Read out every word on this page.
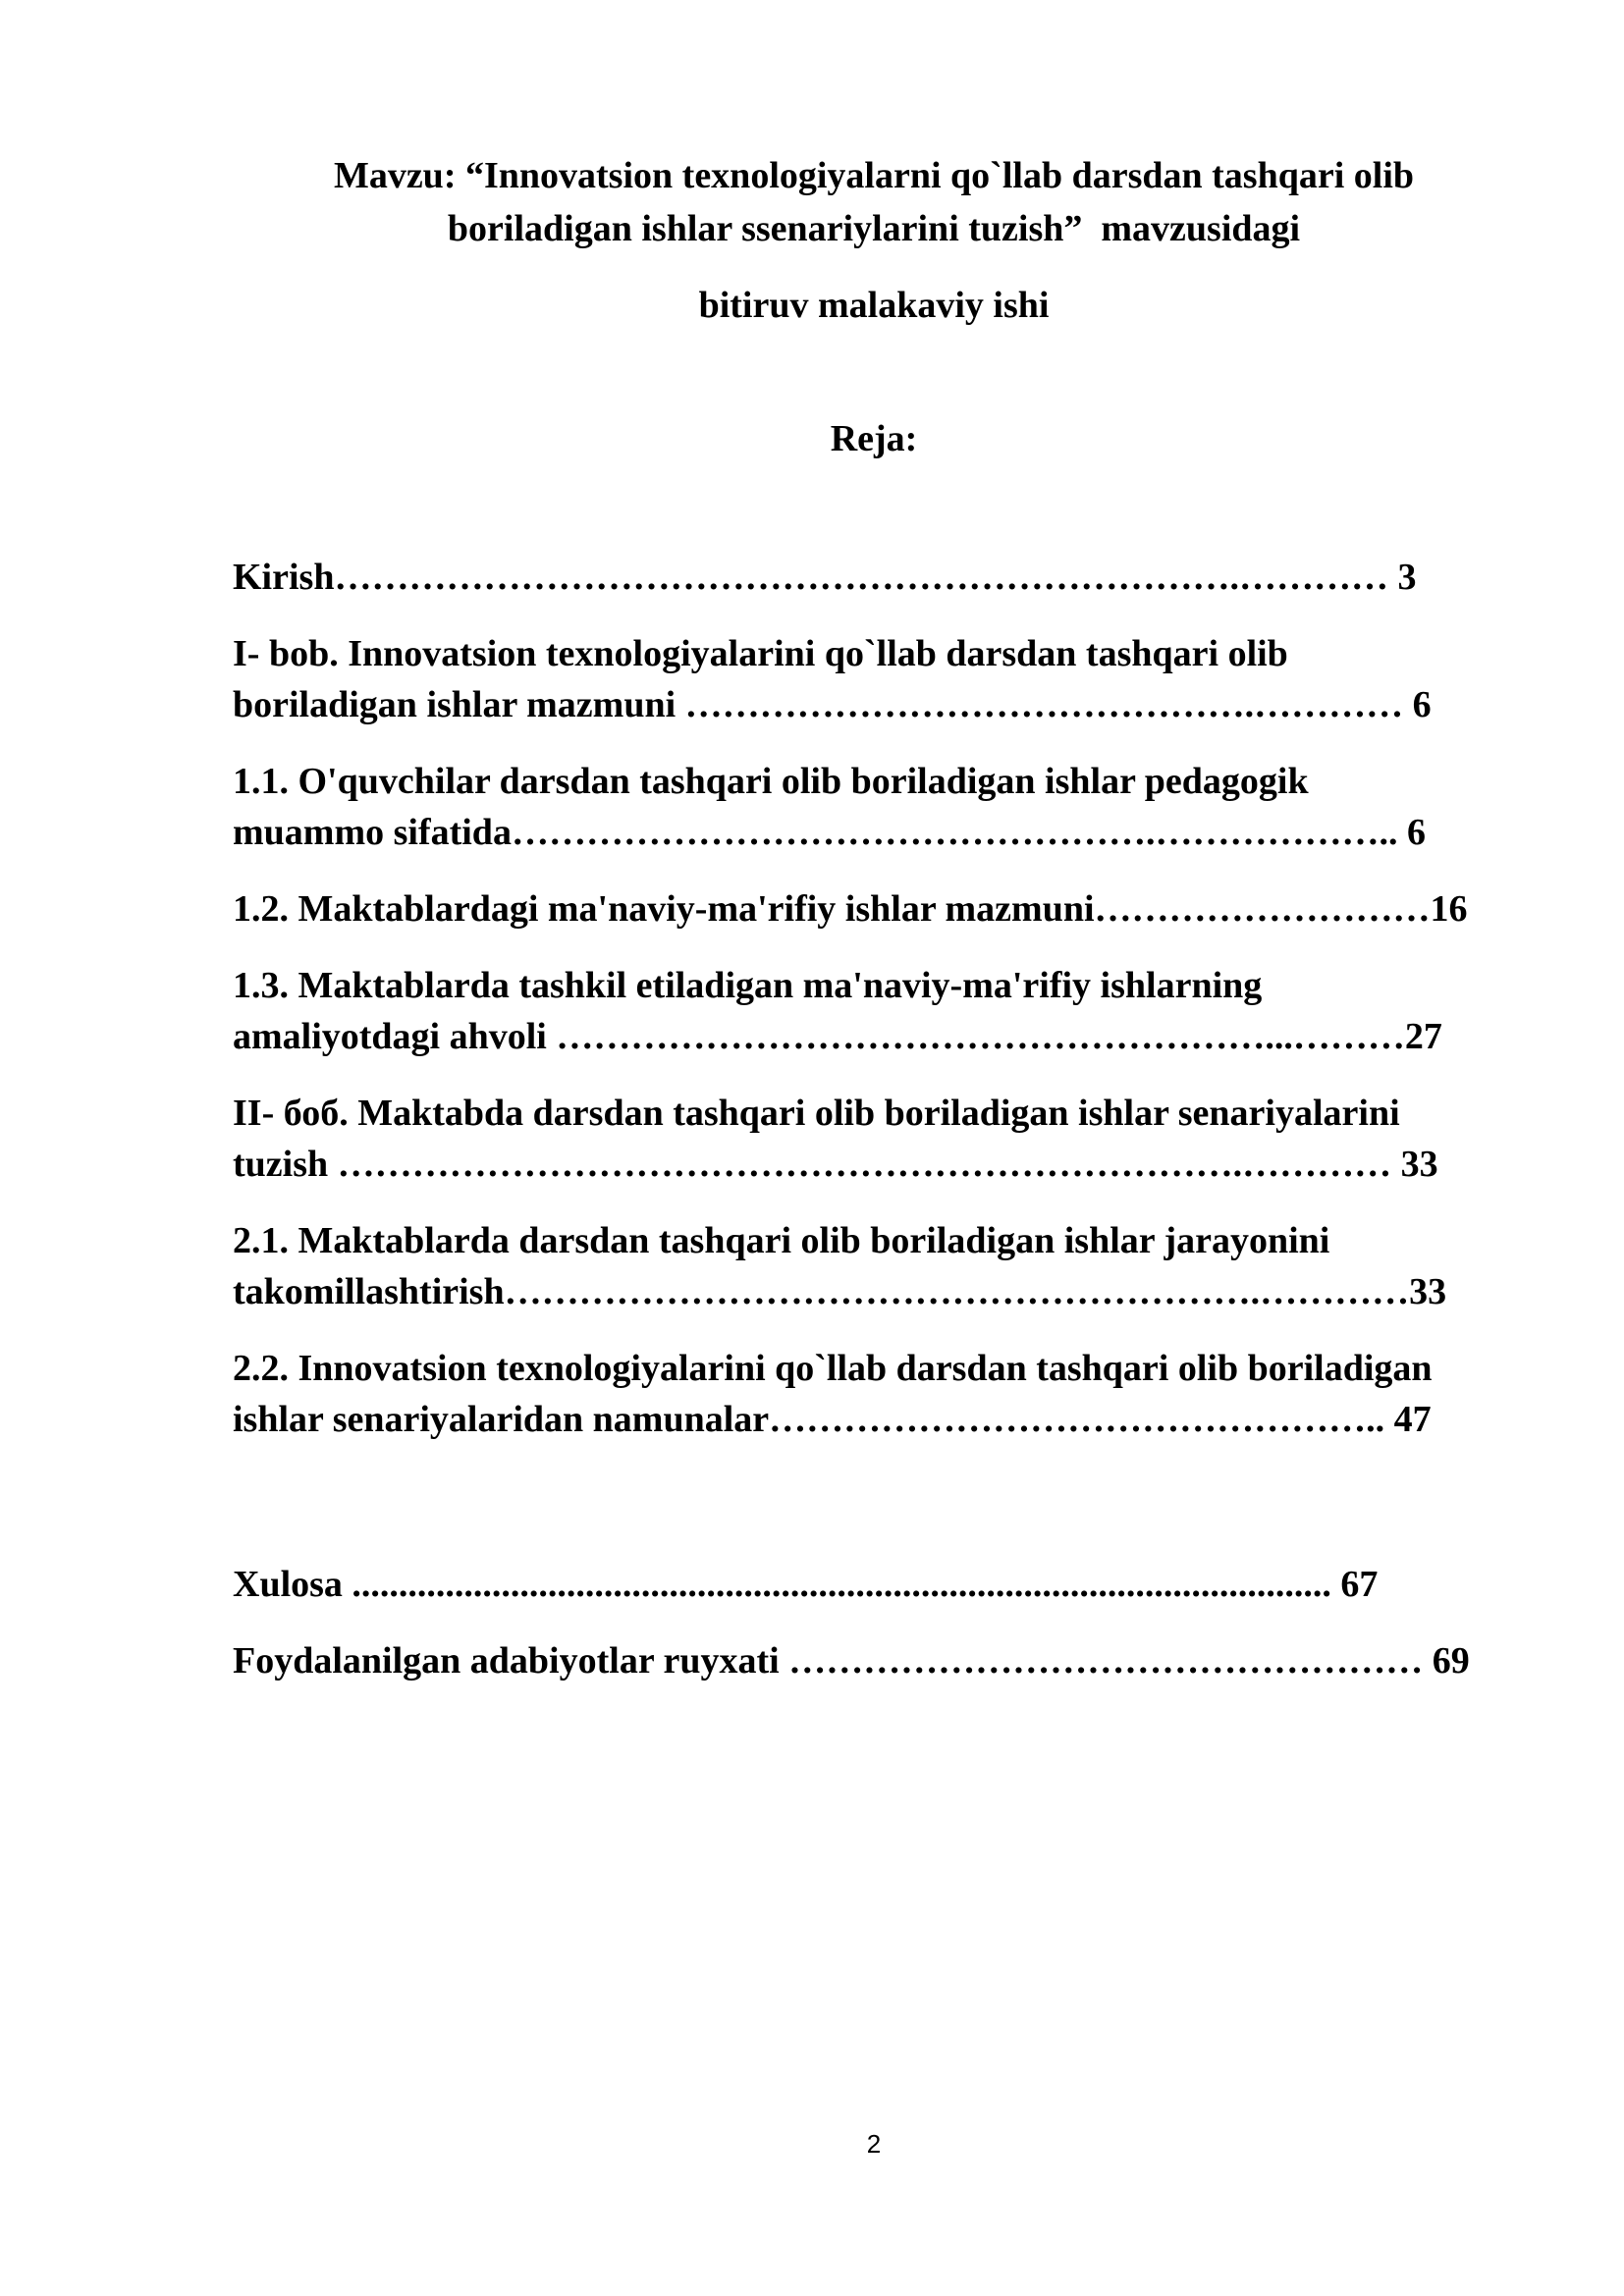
Mavzu: “Innovatsion texnologiyalarni qo`llab darsdan tashqari olib
boriladigan ishlar ssenariylarini tuzish”  mavzusidagi
bitiruv malakaviy ishi
Reja:
Kirish……………………………………………………………….………… 3
I- bob. Innovatsion texnologiyalarini qo`llab darsdan tashqari olib
boriladigan ishlar mazmuni ……………………………………….………… 6
1.1. O'quvchilar darsdan tashqari olib boriladigan ishlar pedagogik
muammo sifatida…………………………………………….……………….. 6
1.2. Maktablardagi ma'naviy-ma'rifiy ishlar mazmuni………………………16
1.3. Maktablarda tashkil etiladigan ma'naviy-ma'rifiy ishlarning
amaliyotdagi ahvoli …………………………………………………...………27
II- боб. Maktabda darsdan tashqari olib boriladigan ishlar senariyalarini
tuzish ……………………………………………………………….………… 33
2.1. Maktablarda darsdan tashqari olib boriladigan ishlar jarayonini
takomillashtirish…………………………………………………….…………33
2.2. Innovatsion texnologiyalarini qo`llab darsdan tashqari olib boriladigan
ishlar senariyalaridan namunalar………………………………………….. 47
Xulosa ......................................................................................................... 67
Foydalanilgan adabiyotlar ruyxati …………………………………………… 69
2
